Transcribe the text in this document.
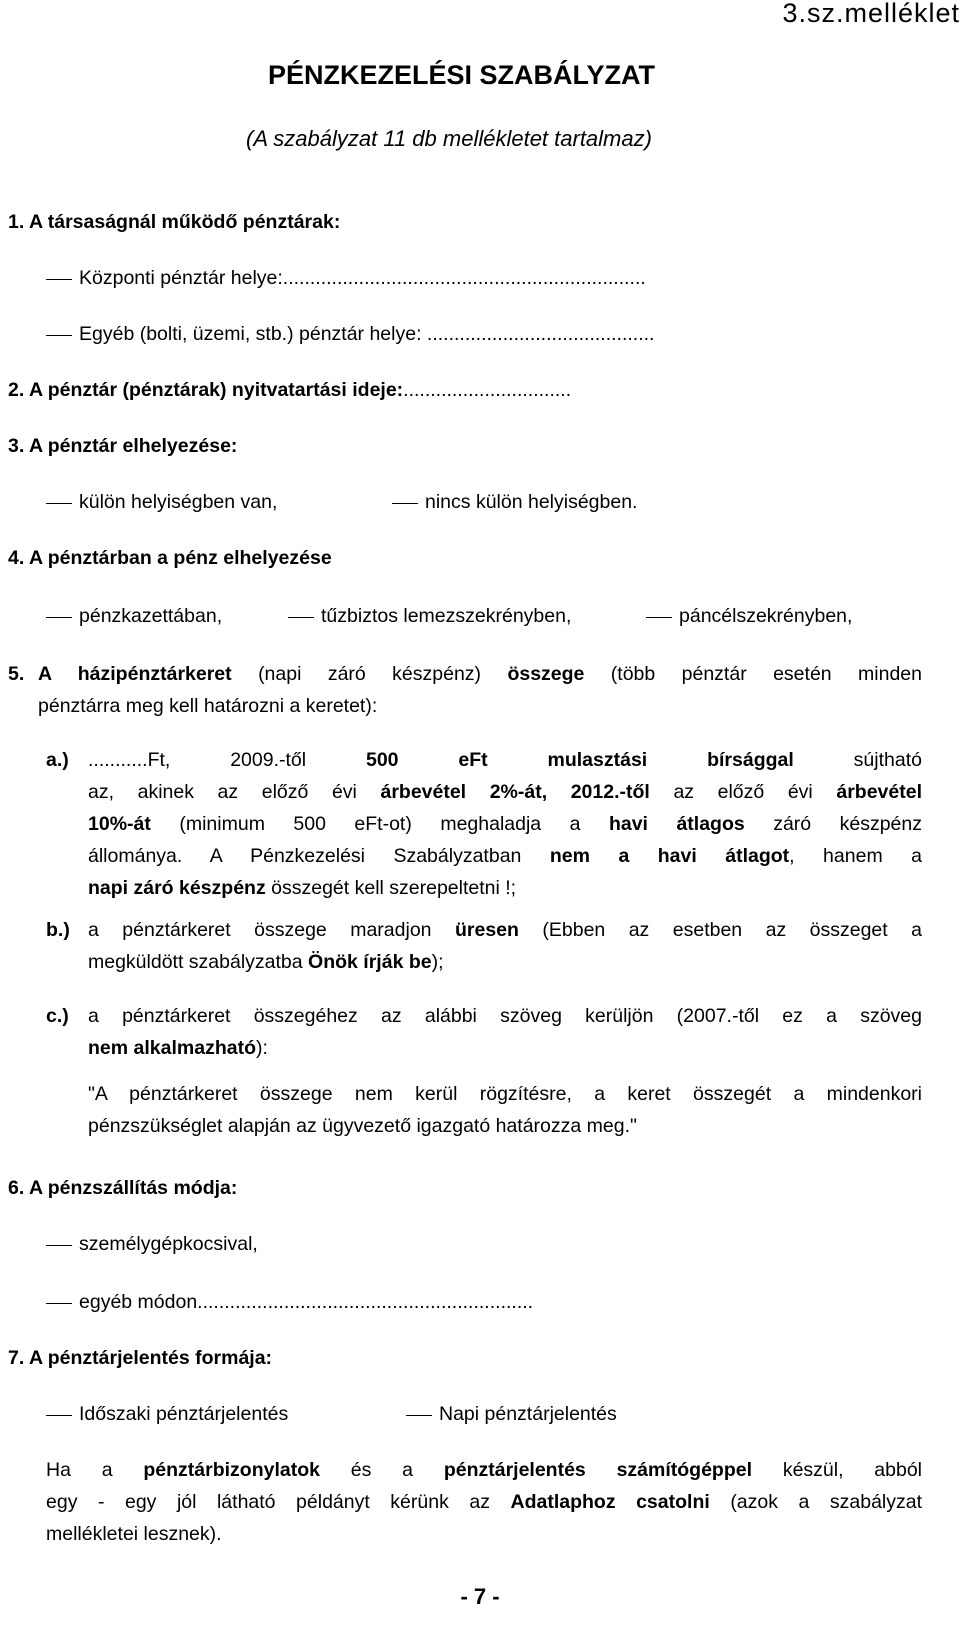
3.sz.melléklet
PÉNZKEZELÉSI SZABÁLYZAT
(A szabályzat 11 db mellékletet tartalmaz)
1. A társaságnál működő pénztárak:
Központi pénztár helye:...................................................................
Egyéb (bolti, üzemi, stb.) pénztár helye: ..........................................
2. A pénztár (pénztárak) nyitvatartási ideje:...............................
3. A pénztár elhelyezése:
külön helyiségben van,	nincs külön helyiségben.
4. A pénztárban a pénz elhelyezése
pénzkazettában,	tűzbiztos lemezszekrényben,	páncélszekrényben,
5. A házipénztárkeret (napi záró készpénz) összege (több pénztár esetén minden
pénztárra meg kell határozni a keretet):
a.) ...........Ft, 2009.-től	500 eFt mulasztási bírsággal	sújtható
az, akinek az előző évi árbevétel 2%-át, 2012.-től az előző évi árbevétel
10%-át (minimum 500 eFt-ot) meghaladja a havi átlagos záró készpénz
állománya. A Pénzkezelési Szabályzatban nem a havi átlagot, hanem a
napi záró készpénz összegét kell szerepeltetni !;
b.) a pénztárkeret összege maradjon üresen (Ebben az esetben az összeget a
megküldött szabályzatba Önök írják be);
c.) a pénztárkeret összegéhez az alábbi szöveg kerüljön (2007.-től ez a szöveg
nem alkalmazható):
"A pénztárkeret összege nem kerül rögzítésre, a keret összegét a mindenkori
pénzszükséglet alapján az ügyvezető igazgató határozza meg."
6. A pénzszállítás módja:
személygépkocsival,
egyéb módon..............................................................
7. A pénztárjelentés formája:
Időszaki pénztárjelentés	Napi pénztárjelentés
Ha a pénztárbizonylatok és a pénztárjelentés számítógéppel készül, abból
egy - egy jól látható példányt kérünk az Adatlaphoz csatolni (azok a szabályzat
mellékletei lesznek).
- 7 -
